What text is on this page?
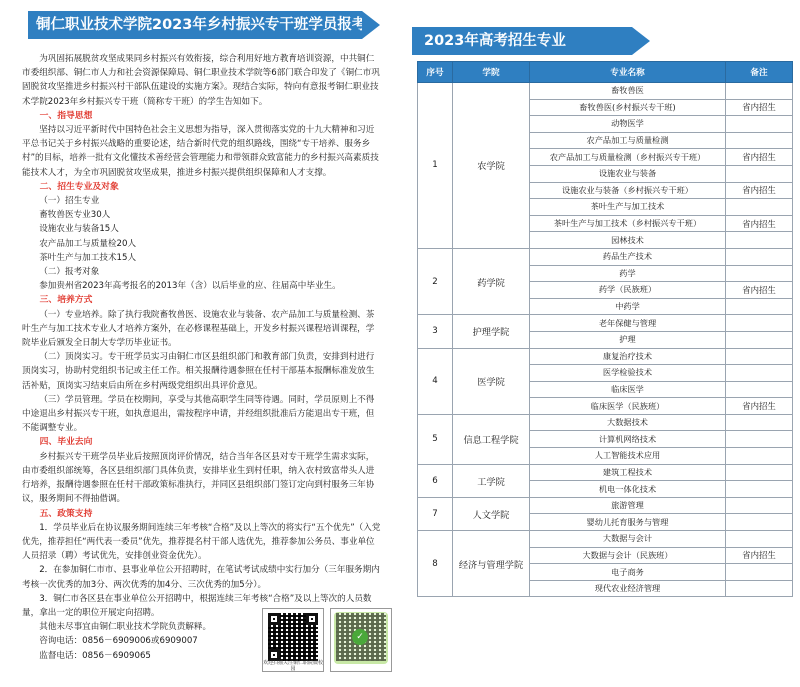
铜仁职业技术学院2023年乡村振兴专干班学员报考须知

为巩固拓展脱贫攻坚成果同乡村振兴有效衔接，综合利用好地方教育培训资源，中共铜仁市委组织部、铜仁市人力和社会资源保障局、铜仁职业技术学院等6部门联合印发了《铜仁市巩固脱贫攻坚推进乡村振兴村干部队伍建设的实施方案》。现结合实际，特向有意报考铜仁职业技术学院2023年乡村振兴专干班（简称专干班）的学生告知如下。

一、指导思想

坚持以习近平新时代中国特色社会主义思想为指导，深入贯彻落实党的十九大精神和习近平总书记关于乡村振兴战略的重要论述，结合新时代党的组织路线，围绕“专干培养、服务乡村”的目标，培养一批有文化懂技术善经营会管理能力和带领群众致富能力的乡村振兴高素质技能技术人才，为全市巩固脱贫攻坚成果，推进乡村振兴提供组织保障和人才支撑。

二、招生专业及对象

（一）招生专业

畜牧兽医专业30人

设施农业与装备15人

农产品加工与质量检20人

茶叶生产与加工技术15人

（二）报考对象

参加贵州省2023年高考报名的2013年（含）以后毕业的应、往届高中毕业生。

三、培养方式

（一）专业培养。除了执行我院畜牧兽医、设施农业与装备、农产品加工与质量检测、茶叶生产与加工技术专业人才培养方案外，在必修课程基础上，开发乡村振兴课程培训课程，学院毕业后颁发全日制大专学历毕业证书。

（二）顶岗实习。专干班学员实习由铜仁市区县组织部门和教育部门负责，安排到村进行顶岗实习，协助村党组织书记或主任工作。相关报酬待遇参照在任村干部基本报酬标准发放生活补贴，顶岗实习结束后由所在乡村两级党组织出具评价意见。

（三）学员管理。学员在校期间，享受与其他高职学生同等待遇。同时，学员原则上不得中途退出乡村振兴专干班，如执意退出，需按程序申请，并经组织批准后方能退出专干班，但不能调整专业。

四、毕业去向

乡村振兴专干班学员毕业后按照顶岗评价情况，结合当年各区县对专干班学生需求实际，由市委组织部统筹，各区县组织部门具体负责，安排毕业生到村任职，纳入农村致富带头人进行培养，报酬待遇参照在任村干部政策标准执行，并同区县组织部门签订定向到村服务三年协议，服务期间不得抽借调。

五、政策支持

1．学员毕业后在协议服务期间连续三年考核“合格”及以上等次的将实行“五个优先”（入党优先，推荐担任“两代表一委员”优先，推荐提名村干部人选优先，推荐参加公务员、事业单位人员招录（聘）考试优先，安排创业资金优先）。

2．在参加铜仁市市、县事业单位公开招聘时，在笔试考试成绩中实行加分（三年服务期内考核一次优秀的加3分、两次优秀的加4分、三次优秀的加5分）。

3．铜仁市各区县在事业单位公开招聘中，根据连续三年考核“合格”及以上等次的人员数量，拿出一定的职位开展定向招聘。

其他未尽事宜由铜仁职业技术学院负责解释。

咨询电话：0856－6909006或6909007

监督电话：0856－6909065

欢迎扫描关注铜仁职院微校园
✓
2023年高考招生专业
序号	学院	专业名称	备注
1	农学院	畜牧兽医	
		畜牧兽医(乡村振兴专干班)	省内招生
		动物医学	
		农产品加工与质量检测	
		农产品加工与质量检测（乡村振兴专干班）	省内招生
		设施农业与装备	
		设施农业与装备（乡村振兴专干班）	省内招生
		茶叶生产与加工技术	
		茶叶生产与加工技术（乡村振兴专干班）	省内招生
		园林技术	
2	药学院	药品生产技术	
		药学	
		药学（民族班）	省内招生
		中药学	
3	护理学院	老年保健与管理	
		护理	
4	医学院	康复治疗技术	
		医学检验技术	
		临床医学	
		临床医学（民族班）	省内招生
5	信息工程学院	大数据技术	
		计算机网络技术	
		人工智能技术应用	
6	工学院	建筑工程技术	
		机电一体化技术	
7	人文学院	旅游管理	
		婴幼儿托育服务与管理	
8	经济与管理学院	大数据与会计	
		大数据与会计（民族班）	省内招生
		电子商务	
		现代农业经济管理	
